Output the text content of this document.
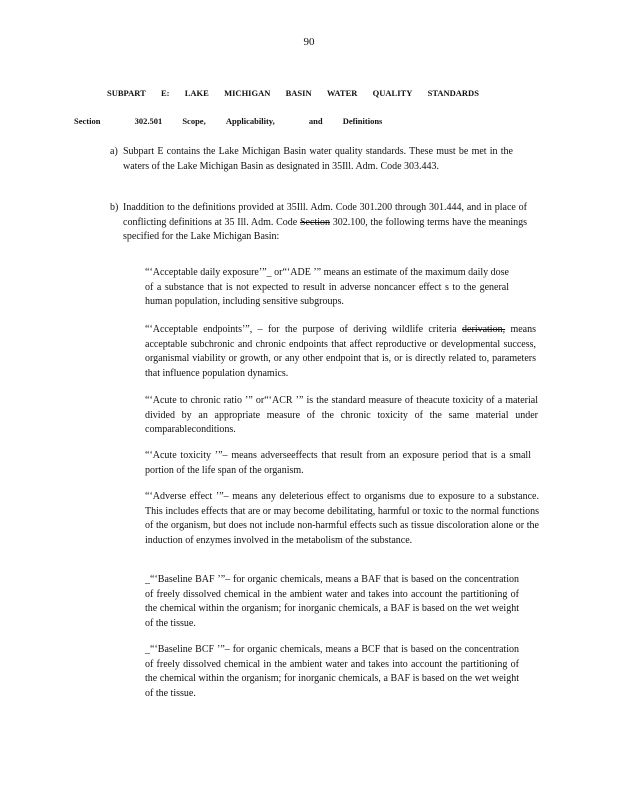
90
SUBPART E: LAKE MICHIGAN BASIN WATER QUALITY STANDARDS
Section	302.501 Scope, Applicability,	and Definitions
a) Subpart E contains the Lake Michigan Basin water quality standards. These must be met in the waters of the Lake Michigan Basin as designated in 35Ill. Adm. Code 303.443.

b) Inaddition to the definitions provided at 35Ill. Adm. Code 301.200 through 301.444, and in place of conflicting definitions at 35 Ill. Adm. Code Section 302.100, the following terms have the meanings specified for the Lake Michigan Basin:

“‘Acceptable daily exposure’”_ or“‘ADE ’” means an estimate of the maximum daily dose of a substance that is not expected to result in adverse noncancer effect s to the general human population, including sensitive subgroups.

“‘Acceptable endpoints’”, – for the purpose of deriving wildlife criteria derivation, means acceptable subchronic and chronic endpoints that affect reproductive or developmental success, organismal viability or growth, or any other endpoint that is, or is directly related to, parameters that influence population dynamics.

“‘Acute to chronic ratio ’” or“‘ACR ’” is the standard measure of theacute toxicity of a material divided by an appropriate measure of the chronic toxicity of the same material under comparableconditions.

“‘Acute toxicity ’”– means adverseeffects that result from an exposure period that is a small portion of the life span of the organism.

“‘Adverse effect ’”– means any deleterious effect to organisms due to exposure to a substance. This includes effects that are or may become debilitating, harmful or toxic to the normal functions of the organism, but does not include non-harmful effects such as tissue discoloration alone or the induction of enzymes involved in the metabolism of the substance.

_“‘Baseline BAF ’”– for organic chemicals, means a BAF that is based on the concentration of freely dissolved chemical in the ambient water and takes into account the partitioning of the chemical within the organism; for inorganic chemicals, a BAF is based on the wet weight of the tissue.

_“‘Baseline BCF ’”– for organic chemicals, means a BCF that is based on the concentration of freely dissolved chemical in the ambient water and takes into account the partitioning of the chemical within the organism; for inorganic chemicals, a BAF is based on the wet weight of the tissue.
